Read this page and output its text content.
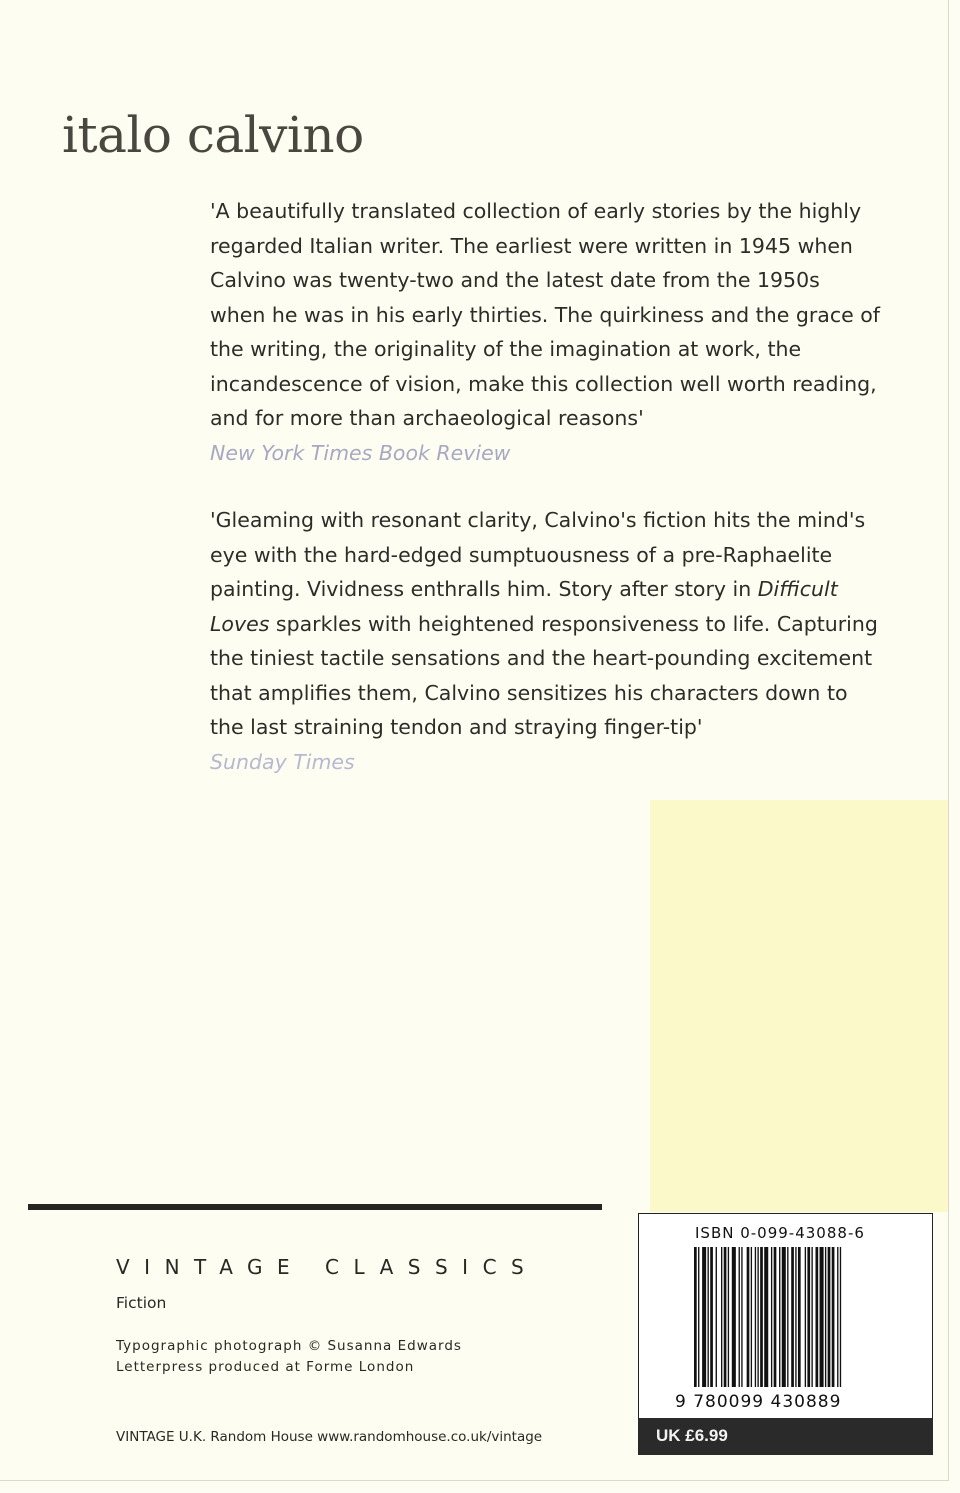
italo calvino

'A beautifully translated collection of early stories by the highly regarded Italian writer. The earliest were written in 1945 when Calvino was twenty-two and the latest date from the 1950s when he was in his early thirties. The quirkiness and the grace of the writing, the originality of the imagination at work, the incandescence of vision, make this collection well worth reading, and for more than archaeological reasons'

New York Times Book Review

'Gleaming with resonant clarity, Calvino's fiction hits the mind's eye with the hard-edged sumptuousness of a pre-Raphaelite painting. Vividness enthralls him. Story after story in Difficult Loves sparkles with heightened responsiveness to life. Capturing the tiniest tactile sensations and the heart-pounding excitement that amplifies them, Calvino sensitizes his characters down to the last straining tendon and straying finger-tip'

Sunday Times

VINTAGE CLASSICS
Fiction
Typographic photograph © Susanna Edwards
Letterpress produced at Forme London
VINTAGE U.K. Random House www.randomhouse.co.uk/vintage
ISBN 0-099-43088-6
9 780099 430889
UK £6.99
